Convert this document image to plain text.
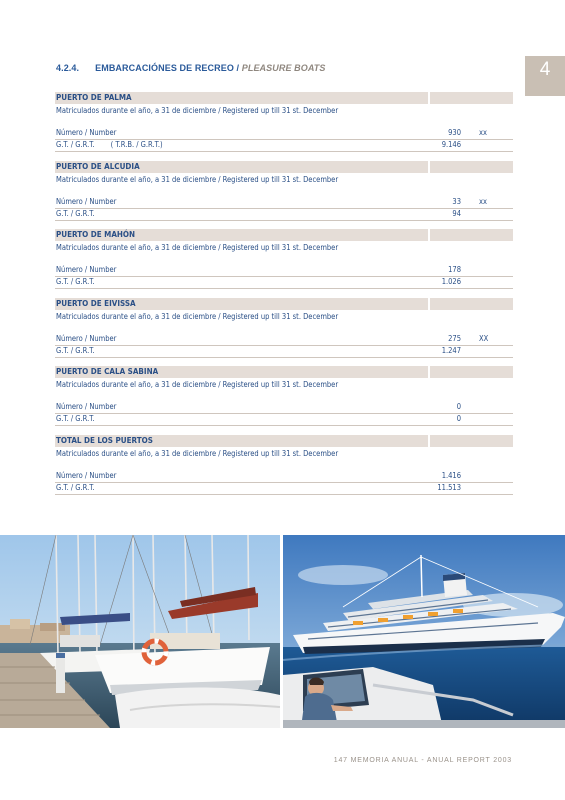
4
4.2.4. EMBARCACIÓNES DE RECREO / PLEASURE BOATS
PUERTO DE PALMA
Matriculados durante el año, a 31 de diciembre / Registered up till 31 st. December
Número / Number	930 xx
G.T. / G.R.T. ( T.R.B. / G.R.T.)	9.146
PUERTO DE ALCUDIA
Matriculados durante el año, a 31 de diciembre / Registered up till 31 st. December
Número / Number	33 xx
G.T. / G.R.T.	94
PUERTO DE MAHÓN
Matriculados durante el año, a 31 de diciembre / Registered up till 31 st. December
Número / Number	178
G.T. / G.R.T.	1.026
PUERTO DE EIVISSA
Matriculados durante el año, a 31 de diciembre / Registered up till 31 st. December
Número / Number	275 XX
G.T. / G.R.T.	1.247
PUERTO DE CALA SABINA
Matriculados durante el año, a 31 de diciembre / Registered up till 31 st. December
Número / Number	0
G.T. / G.R.T.	0
TOTAL DE LOS PUERTOS
Matriculados durante el año, a 31 de diciembre / Registered up till 31 st. December
Número / Number	1.416
G.T. / G.R.T.	11.513
147 MEMORIA ANUAL - ANUAL REPORT 2003
